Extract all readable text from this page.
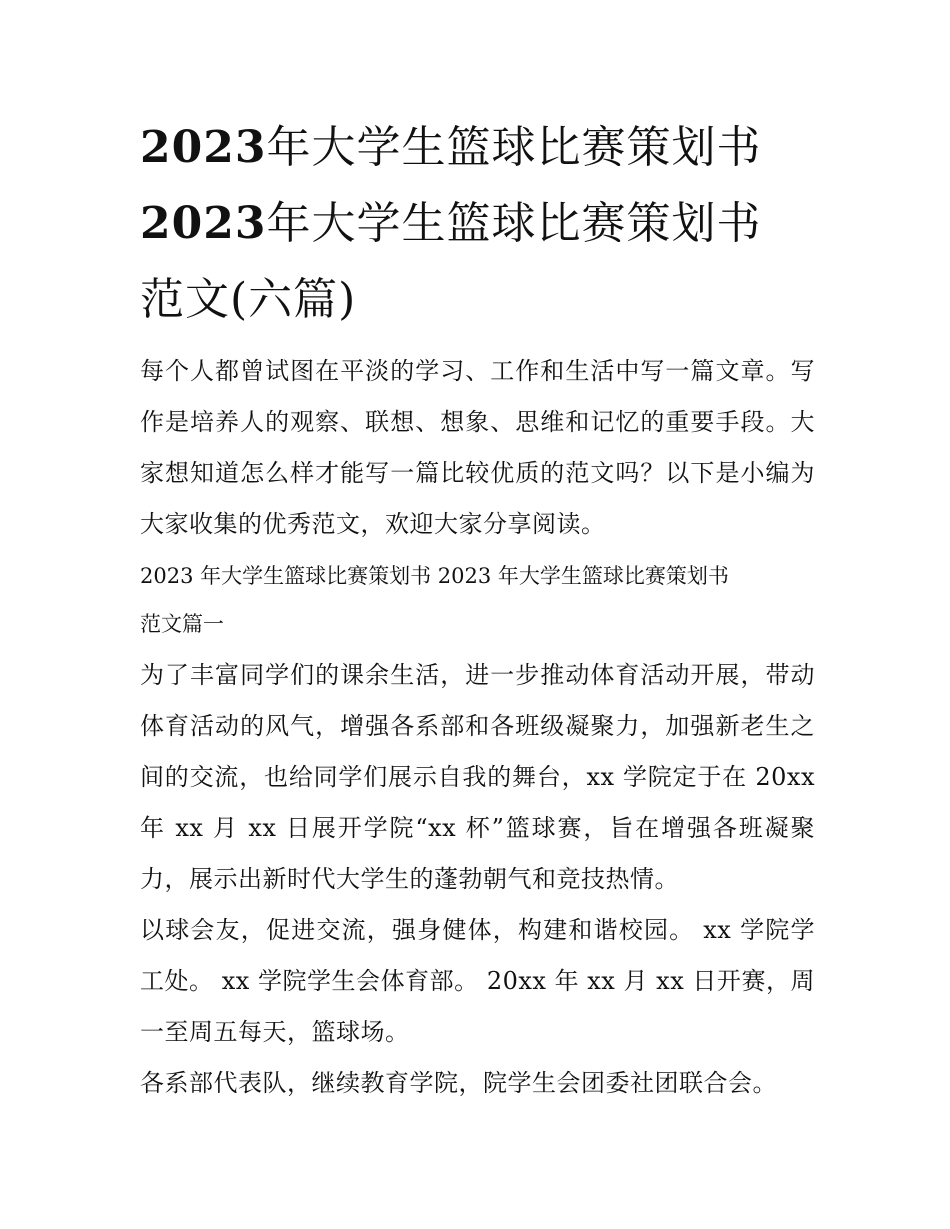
2023年大学生篮球比赛策划书
2023年大学生篮球比赛策划书
范文(六篇)

每个人都曾试图在平淡的学习、工作和生活中写一篇文章。写作是培养人的观察、联想、想象、思维和记忆的重要手段。大家想知道怎么样才能写一篇比较优质的范文吗？以下是小编为大家收集的优秀范文，欢迎大家分享阅读。

2023 年大学生篮球比赛策划书 2023 年大学生篮球比赛策划书
范文篇一

为了丰富同学们的课余生活，进一步推动体育活动开展，带动体育活动的风气，增强各系部和各班级凝聚力，加强新老生之间的交流，也给同学们展示自我的舞台，xx 学院定于在 20xx 年 xx 月 xx 日展开学院“xx 杯”篮球赛，旨在增强各班凝聚力，展示出新时代大学生的蓬勃朝气和竞技热情。

以球会友，促进交流，强身健体，构建和谐校园。 xx 学院学工处。 xx 学院学生会体育部。 20xx 年 xx 月 xx 日开赛，周一至周五每天，篮球场。

各系部代表队，继续教育学院，院学生会团委社团联合会。
